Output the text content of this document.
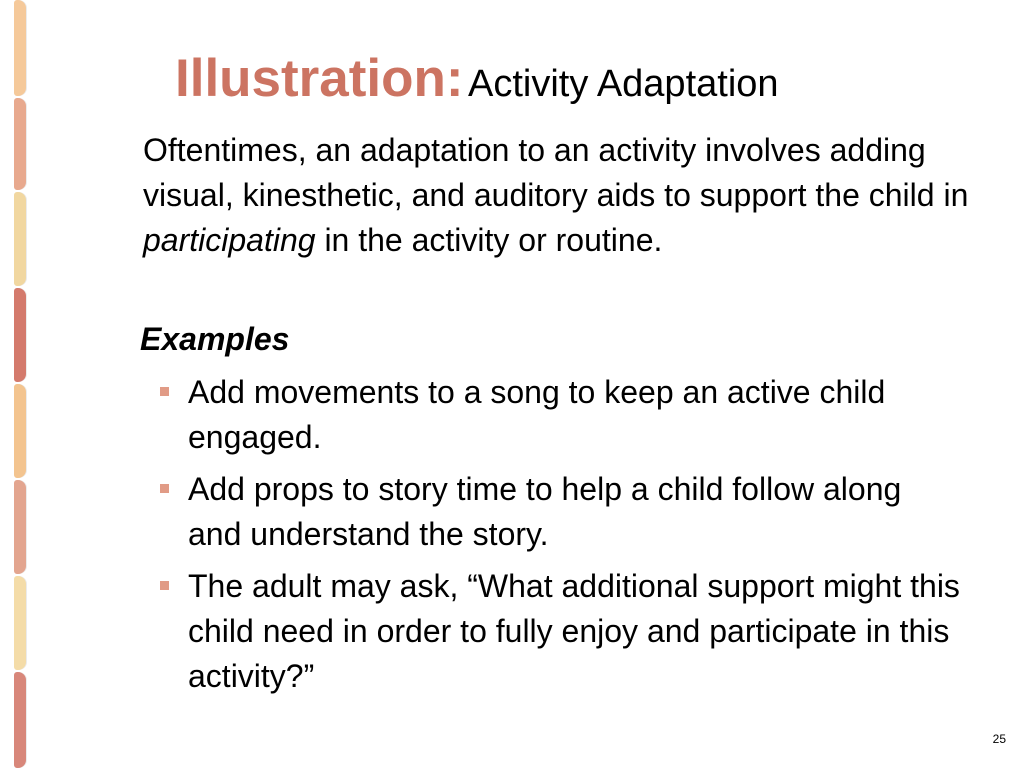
Illustration: Activity Adaptation
Oftentimes, an adaptation to an activity involves adding visual, kinesthetic, and auditory aids to support the child in participating in the activity or routine.
Examples
Add movements to a song to keep an active child engaged.
Add props to story time to help a child follow along and understand the story.
The adult may ask, “What additional support might this child need in order to fully enjoy and participate in this activity?”
25
